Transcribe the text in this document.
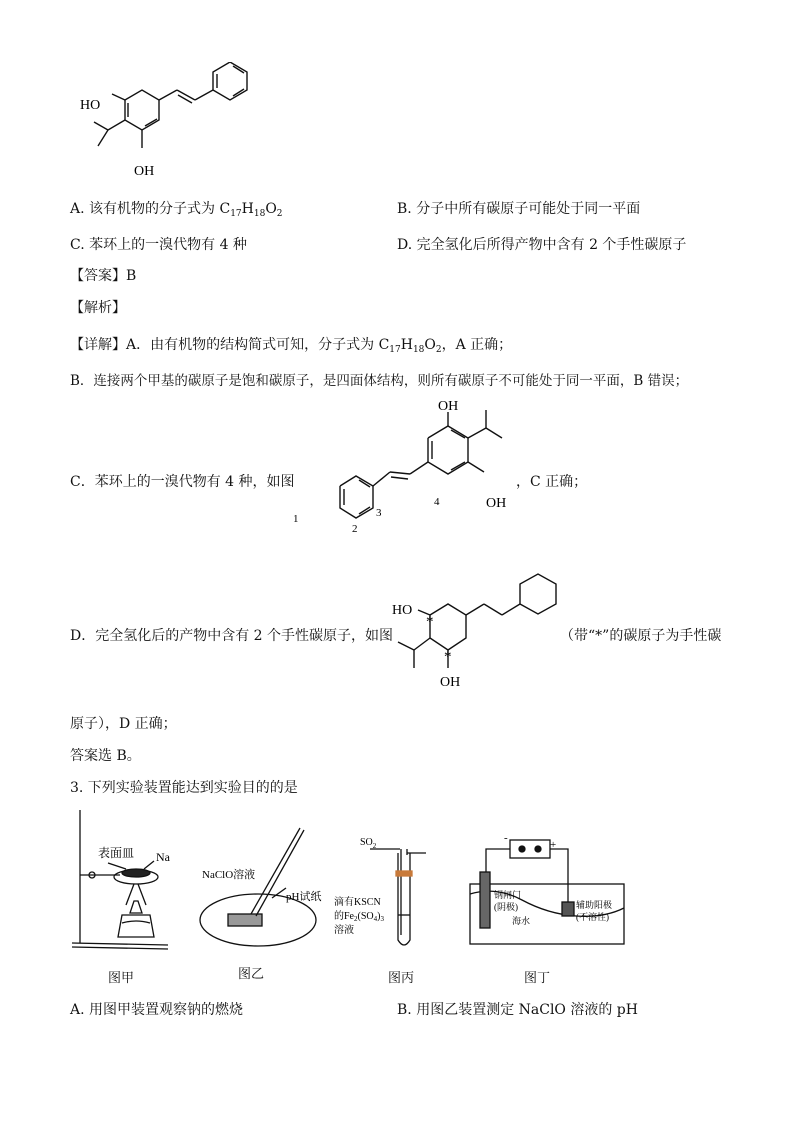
HO
OH
A. 该有机物的分子式为 $C_{17}H_{18}O_2$	B. 分子中所有碳原子可能处于同一平面
C. 苯环上的一溴代物有 4 种	D. 完全氢化后所得产物中含有 2 个手性碳原子
【答案】B
【解析】
【详解】A．由有机物的结构简式可知，分子式为 $C_{17}H_{18}O_2$，A 正确；
B．连接两个甲基的碳原子是饱和碳原子，是四面体结构，则所有碳原子不可能处于同一平面，B 错误；
C．苯环上的一溴代物有 4 种，如图
OH
OH
4
3
2
1
，C 正确；
D．完全氢化后的产物中含有 2 个手性碳原子，如图
HO
OH
*
*
（带“*”的碳原子为手性碳
原子），D 正确；
答案选 B。
3. 下列实验装置能达到实验目的的是
表面皿 Na
图甲
NaClO溶液
pH试纸
图乙
$SO_2$
滴有KSCN
的$Fe_2(SO_4)_3$
溶液
图丙
-
+
钢闸门
(阴极)
海水
辅助阳极
(不溶性)
图丁
A. 用图甲装置观察钠的燃烧	B. 用图乙装置测定 NaClO 溶液的 pH
